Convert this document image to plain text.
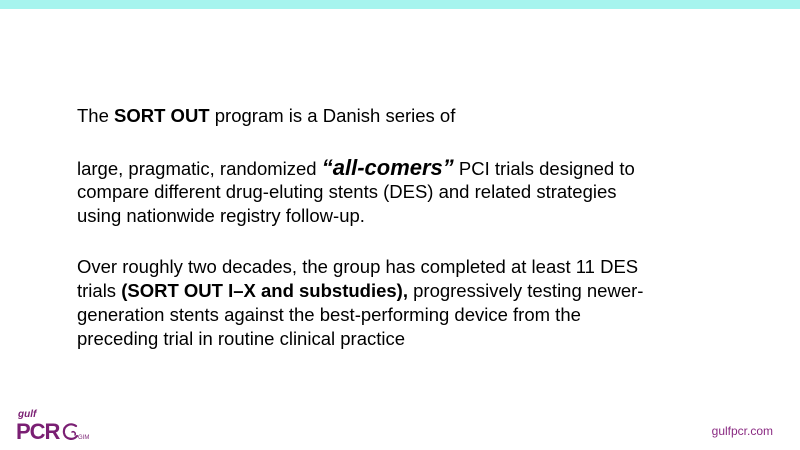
The SORT OUT program is a Danish series of
large, pragmatic, randomized “all-comers” PCI trials designed to
compare different drug-eluting stents (DES) and related strategies
using nationwide registry follow-up.
Over roughly two decades, the group has completed at least 11 DES
trials (SORT OUT I–X and substudies), progressively testing newer-
generation stents against the best-performing device from the
preceding trial in routine clinical practice
gulf
PCR	GIM	gulfpcr.com
